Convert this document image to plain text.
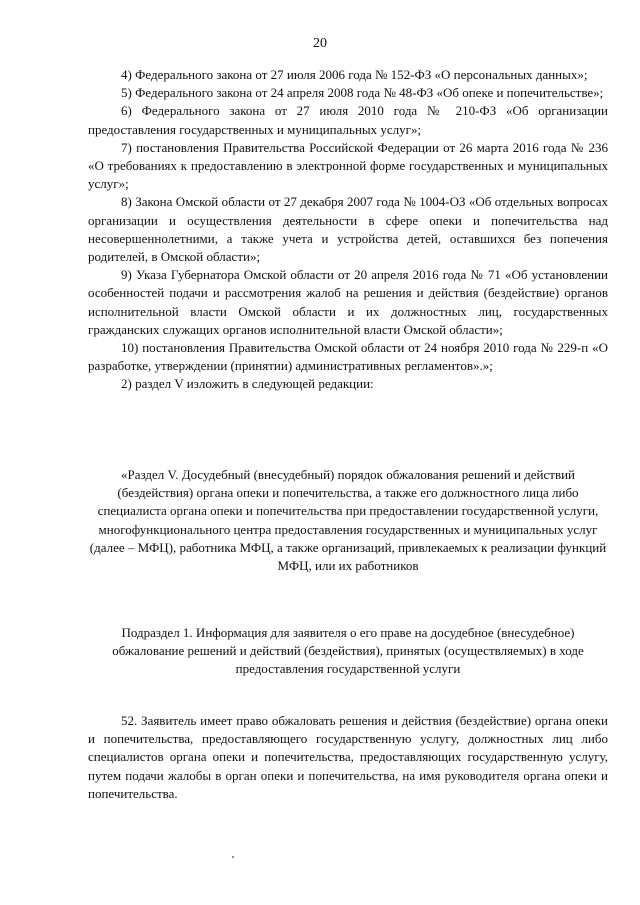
20

4) Федерального закона от 27 июля 2006 года № 152-ФЗ «О персональных данных»;

5) Федерального закона от 24 апреля 2008 года № 48-ФЗ «Об опеке и попечительстве»;

6) Федерального закона от 27 июля 2010 года № 210-ФЗ «Об организации предоставления государственных и муниципальных услуг»;

7) постановления Правительства Российской Федерации от 26 марта 2016 года № 236 «О требованиях к предоставлению в электронной форме государственных и муниципальных услуг»;

8) Закона Омской области от 27 декабря 2007 года № 1004-ОЗ «Об отдельных вопросах организации и осуществления деятельности в сфере опеки и попечительства над несовершеннолетними, а также учета и устройства детей, оставшихся без попечения родителей, в Омской области»;

9) Указа Губернатора Омской области от 20 апреля 2016 года № 71 «Об установлении особенностей подачи и рассмотрения жалоб на решения и действия (бездействие) органов исполнительной власти Омской области и их должностных лиц, государственных гражданских служащих органов исполнительной власти Омской области»;

10) постановления Правительства Омской области от 24 ноября 2010 года № 229-п «О разработке, утверждении (принятии) административных регламентов».»;

2) раздел V изложить в следующей редакции:

«Раздел V. Досудебный (внесудебный) порядок обжалования решений и действий (бездействия) органа опеки и попечительства, а также его должностного лица либо специалиста органа опеки и попечительства при предоставлении государственной услуги, многофункционального центра предоставления государственных и муниципальных услуг (далее – МФЦ), работника МФЦ, а также организаций, привлекаемых к реализации функций МФЦ, или их работников

Подраздел 1. Информация для заявителя о его праве на досудебное (внесудебное) обжалование решений и действий (бездействия), принятых (осуществляемых) в ходе предоставления государственной услуги

52. Заявитель имеет право обжаловать решения и действия (бездействие) органа опеки и попечительства, предоставляющего государственную услугу, должностных лиц либо специалистов органа опеки и попечительства, предоставляющих государственную услугу, путем подачи жалобы в орган опеки и попечительства, на имя руководителя органа опеки и попечительства.
